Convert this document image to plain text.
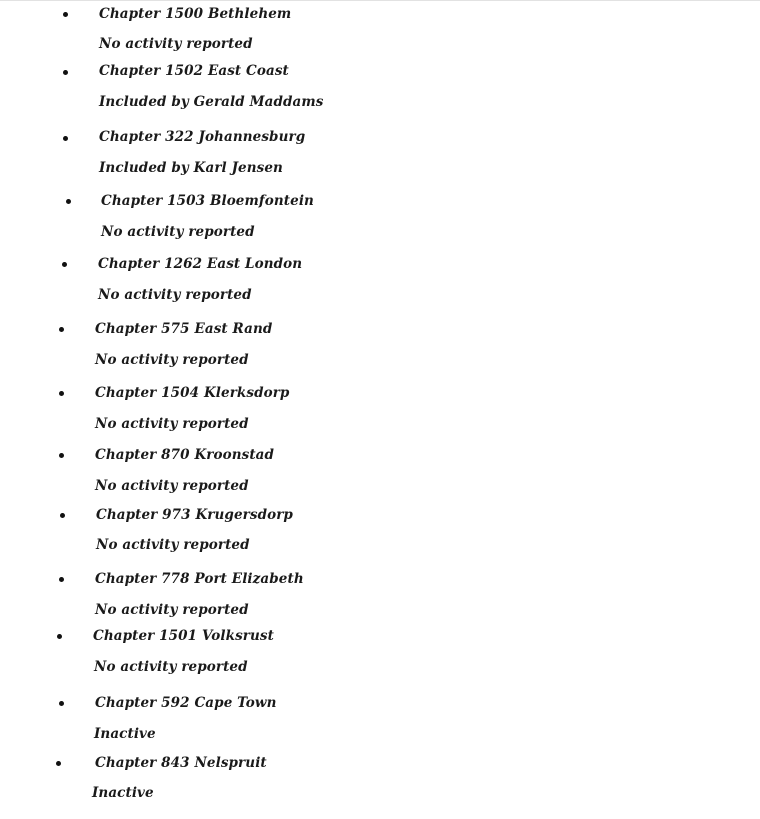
Chapter 1500 Bethlehem
No activity reported
Chapter 1502 East Coast
Included by Gerald Maddams
Chapter 322 Johannesburg
Included by Karl Jensen
Chapter 1503 Bloemfontein
No activity reported
Chapter 1262 East London
No activity reported
Chapter 575 East Rand
No activity reported
Chapter 1504 Klerksdorp
No activity reported
Chapter 870 Kroonstad
No activity reported
Chapter 973 Krugersdorp
No activity reported
Chapter 778 Port Elizabeth
No activity reported
Chapter 1501 Volksrust
No activity reported
Chapter 592 Cape Town
Inactive
Chapter 843 Nelspruit
Inactive
